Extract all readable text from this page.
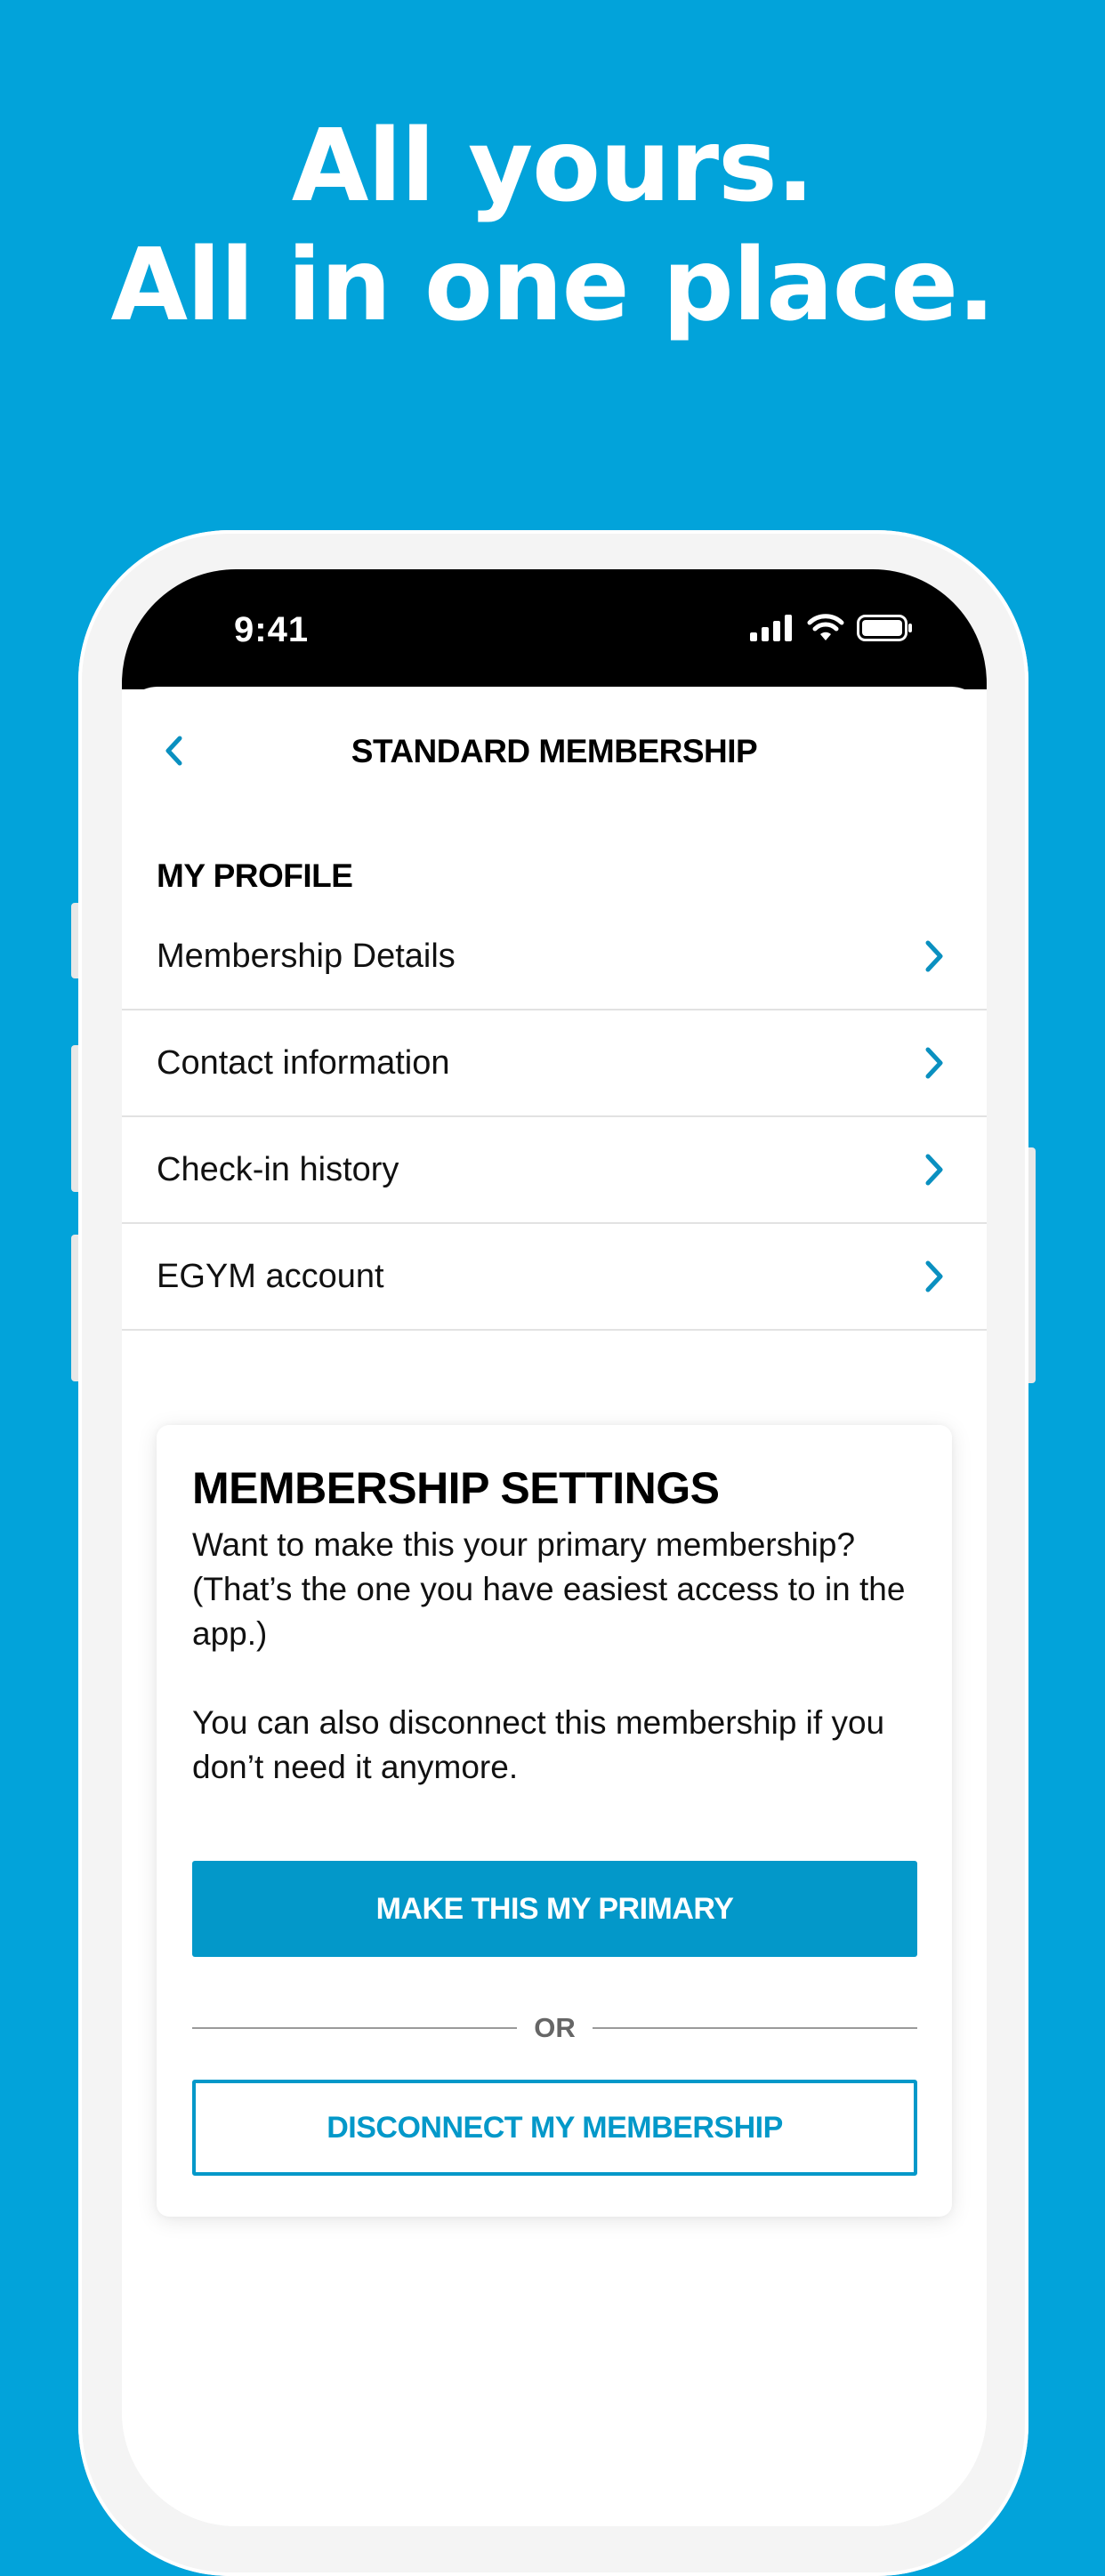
All yours.
All in one place.
9:41
STANDARD MEMBERSHIP
MY PROFILE
Membership Details
Contact information
Check-in history
EGYM account
MEMBERSHIP SETTINGS

Want to make this your primary membership? (That’s the one you have easiest access to in the app.)

You can also disconnect this membership if you don’t need it anymore.

MAKE THIS MY PRIMARY
OR
DISCONNECT MY MEMBERSHIP
